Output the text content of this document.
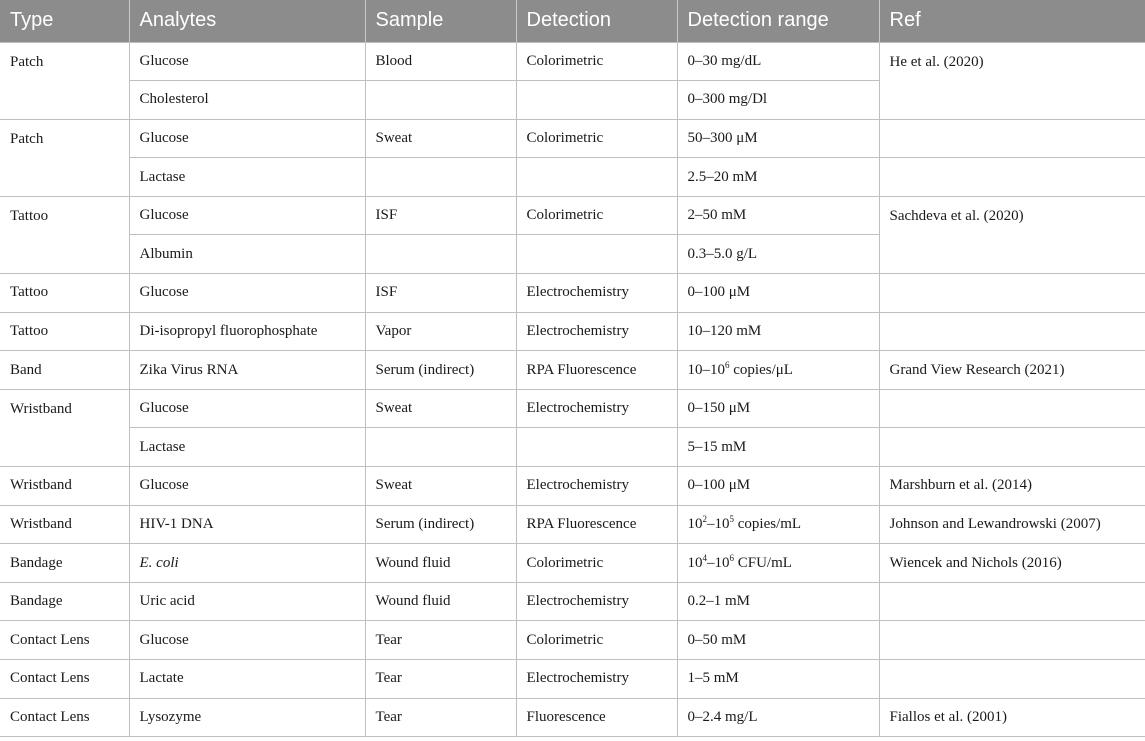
Type	Analytes	Sample	Detection	Detection range	Ref
Patch	Glucose	Blood	Colorimetric	0–30 mg/dL	He et al. (2020)
	Cholesterol			0–300 mg/Dl	
Patch	Glucose	Sweat	Colorimetric	50–300 μM	
	Lactase			2.5–20 mM	
Tattoo	Glucose	ISF	Colorimetric	2–50 mM	Sachdeva et al. (2020)
	Albumin			0.3–5.0 g/L	
Tattoo	Glucose	ISF	Electrochemistry	0–100 μM	
Tattoo	Di-isopropyl fluorophosphate	Vapor	Electrochemistry	10–120 mM	
Band	Zika Virus RNA	Serum (indirect)	RPA Fluorescence	$10-10^6$ copies/μL	Grand View Research (2021)
Wristband	Glucose	Sweat	Electrochemistry	0–150 μM	
	Lactase			5–15 mM	
Wristband	Glucose	Sweat	Electrochemistry	0–100 μM	Marshburn et al. (2014)
Wristband	HIV-1 DNA	Serum (indirect)	RPA Fluorescence	$10^2-10^5$ copies/mL	Johnson and Lewandrowski (2007)
Bandage	E. coli	Wound fluid	Colorimetric	$10^4-10^6$ CFU/mL	Wiencek and Nichols (2016)
Bandage	Uric acid	Wound fluid	Electrochemistry	0.2–1 mM	
Contact Lens	Glucose	Tear	Colorimetric	0–50 mM	
Contact Lens	Lactate	Tear	Electrochemistry	1–5 mM	
Contact Lens	Lysozyme	Tear	Fluorescence	0–2.4 mg/L	Fiallos et al. (2001)
